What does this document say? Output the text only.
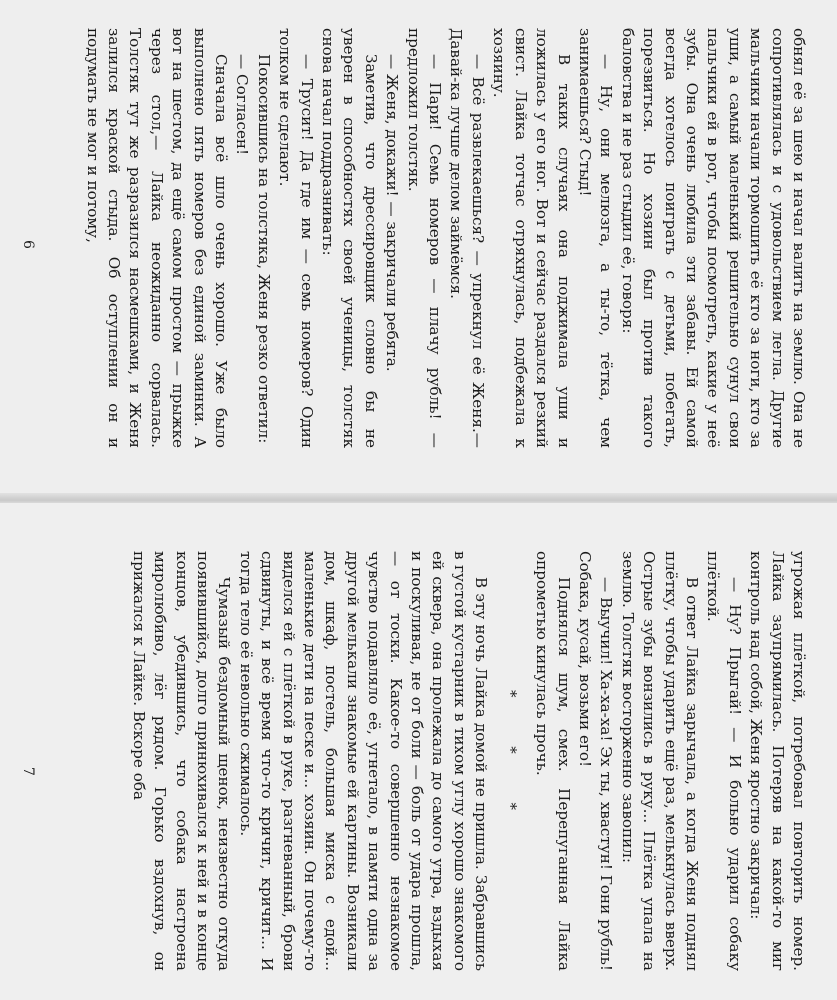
обнял её за шею и начал валить на землю. Она не сопротивлялась и с удовольствием легла. Другие мальчики начали тормошить её кто за ноги, кто за уши, а самый маленький решительно сунул свои пальчики ей в рот, чтобы посмотреть, какие у неё зубы. Она очень любила эти забавы. Ей самой всегда хотелось поиграть с детьми, побегать, порезвиться. Но хозяин был против такого баловства и не раз стыдил её, говоря:

— Ну, они мелюзга, а ты-то, тётка, чем занимаешься? Стыд!

В таких случаях она поджимала уши и ложилась у его ног. Вот и сейчас раздался резкий свист. Лайка тотчас отряхнулась, подбежала к хозяину.

— Всё развлекаешься? — упрекнул её Женя.— Давай-ка лучше делом займёмся.

— Пари! Семь номеров — плачу рубль! — предложил толстяк.

— Женя, докажи! — закричали ребята.

Заметив, что дрессировщик словно бы не уверен в способностях своей ученицы, толстяк снова начал поддразнивать:

— Трусит! Да где им — семь номеров? Один толком не сделают.

Покосившись на толстяка, Женя резко ответил:

— Согласен!

Сначала всё шло очень хорошо. Уже было выполнено пять номеров без единой заминки. А вот на шестом, да ещё самом простом — прыжке через стол,— Лайка неожиданно сорвалась. Толстяк тут же разразился насмешками, и Женя залился краской стыда. Об оступлении он и подумать не мог и потому,

6

угрожая плёткой, потребовал повторить номер. Лайка заупрямилась. Потеряв на какой-то миг контроль над собой, Женя яростно закричал:

— Ну? Прыгай! — И больно ударил собаку плёткой.

В ответ Лайка зарычала, а когда Женя поднял плётку, чтобы ударить ещё раз, мелькнулась вверх. Острые зубы вонзились в руку... Плётка упала на землю. Толстяк восторженно завопил:

— Выучил! Ха-ха-ха! Эх ты, хвастун! Гони рубль! Собака, кусай, возьми его!

Поднялся шум, смех. Перепуганная Лайка опрометью кинулась прочь.

* * *

В эту ночь Лайка домой не пришла. Забравшись в густой кустарник в тихом углу хорошо знакомого ей сквера, она пролежала до самого утра, вздыхая и поскуливая, не от боли — боль от удара прошла,— от тоски. Какое-то совершенно незнакомое чувство подавляло её, угнетало, в памяти одна за другой мелькали знакомые ей картины. Возникали дом, шкаф, постель, большая миска с едой... маленькие дети на песке и... хозяин. Он почему-то виделся ей с плёткой в руке, разгневанный, брови сдвинуты, и всё время что-то кричит, кричит... И тогда тело её невольно сжималось.

Чумазый бездомный щенок, неизвестно откуда появившийся, долго принюхивался к ней и в конце концов, убедившись, что собака настроена миролюбиво, лёг рядом. Горько вздохнув, он прижался к Лайке. Вскоре оба

7
